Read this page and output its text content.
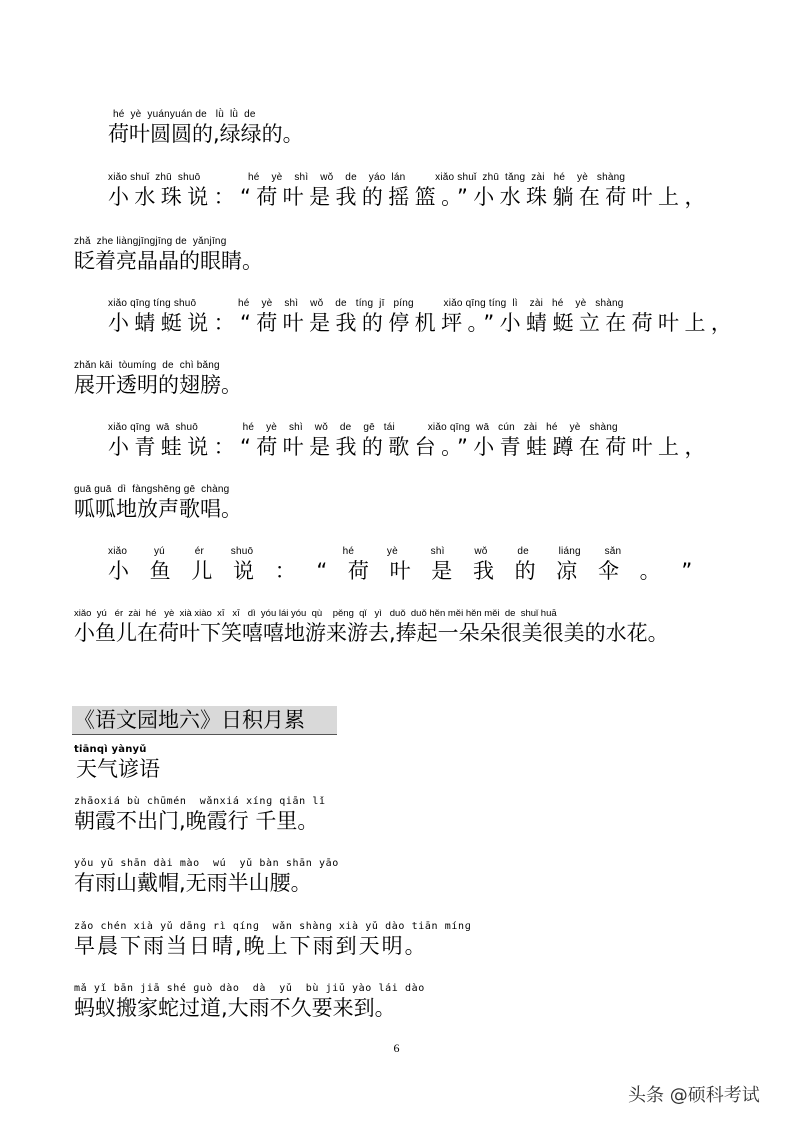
hé  yè  yuányuán de   lǜ  lǜ  de
荷叶圆圆的,绿绿的。
xiǎo shuǐ  zhū  shuō                hé    yè    shì    wǒ    de    yáo  lán          xiǎo shuǐ  zhū  tǎnɡ  zài   hé    yè   shànɡ
小水珠说：“荷叶是我的摇篮。”小水珠躺在荷叶上，
zhǎ  zhe liànɡjīnɡjīnɡ de  yǎnjīnɡ
眨着亮晶晶的眼睛。
xiǎo qīnɡ tínɡ shuō              hé    yè    shì    wǒ    de   tínɡ  jī   pínɡ          xiǎo qīnɡ tínɡ  lì    zài   hé    yè   shànɡ
小蜻蜓说：“荷叶是我的停机坪。”小蜻蜓立在荷叶上，
zhǎn kāi  tòumínɡ  de  chì bǎnɡ
展开透明的翅膀。
xiǎo qīnɡ  wā  shuō               hé    yè    shì    wǒ    de    ɡē   tái           xiǎo qīnɡ  wā   cún   zài   hé    yè   shànɡ
小青蛙说：“荷叶是我的歌台。”小青蛙蹲在荷叶上，
ɡuā ɡuā  dì  fànɡshēnɡ ɡē  chànɡ
呱呱地放声歌唱。
xiǎo         yú          ér         shuō                              hé           yè           shì          wǒ          de          liánɡ        sǎn
小 鱼 儿 说 ： “ 荷 叶 是 我 的 凉 伞 。 ”
xiǎo  yú   ér  zài  hé   yè  xià xiào  xī   xī   dì  yóu lái yóu  qù    pěnɡ  qǐ   yì   duǒ  duǒ hěn měi hěn měi  de  shuǐ huā
小鱼儿在荷叶下笑嘻嘻地游来游去,捧起一朵朵很美很美的水花。
《语文园地六》日积月累
tiānqì yànyǔ
天气谚语
zhāoxiá bù chūmén  wǎnxiá xínɡ qiān lǐ
朝霞不出门,晚霞行 千里。
yǒu yǔ shān dài mào  wú  yǔ bàn shān yāo
有雨山戴帽,无雨半山腰。
zǎo chén xià yǔ dānɡ rì qínɡ  wǎn shànɡ xià yǔ dào tiān mínɡ
早晨下雨当日晴,晚上下雨到天明。
mǎ yǐ bān jiā shé ɡuò dào  dà  yǔ  bù jiǔ yào lái dào
蚂蚁搬家蛇过道,大雨不久要来到。
6
头条 @硕科考试
